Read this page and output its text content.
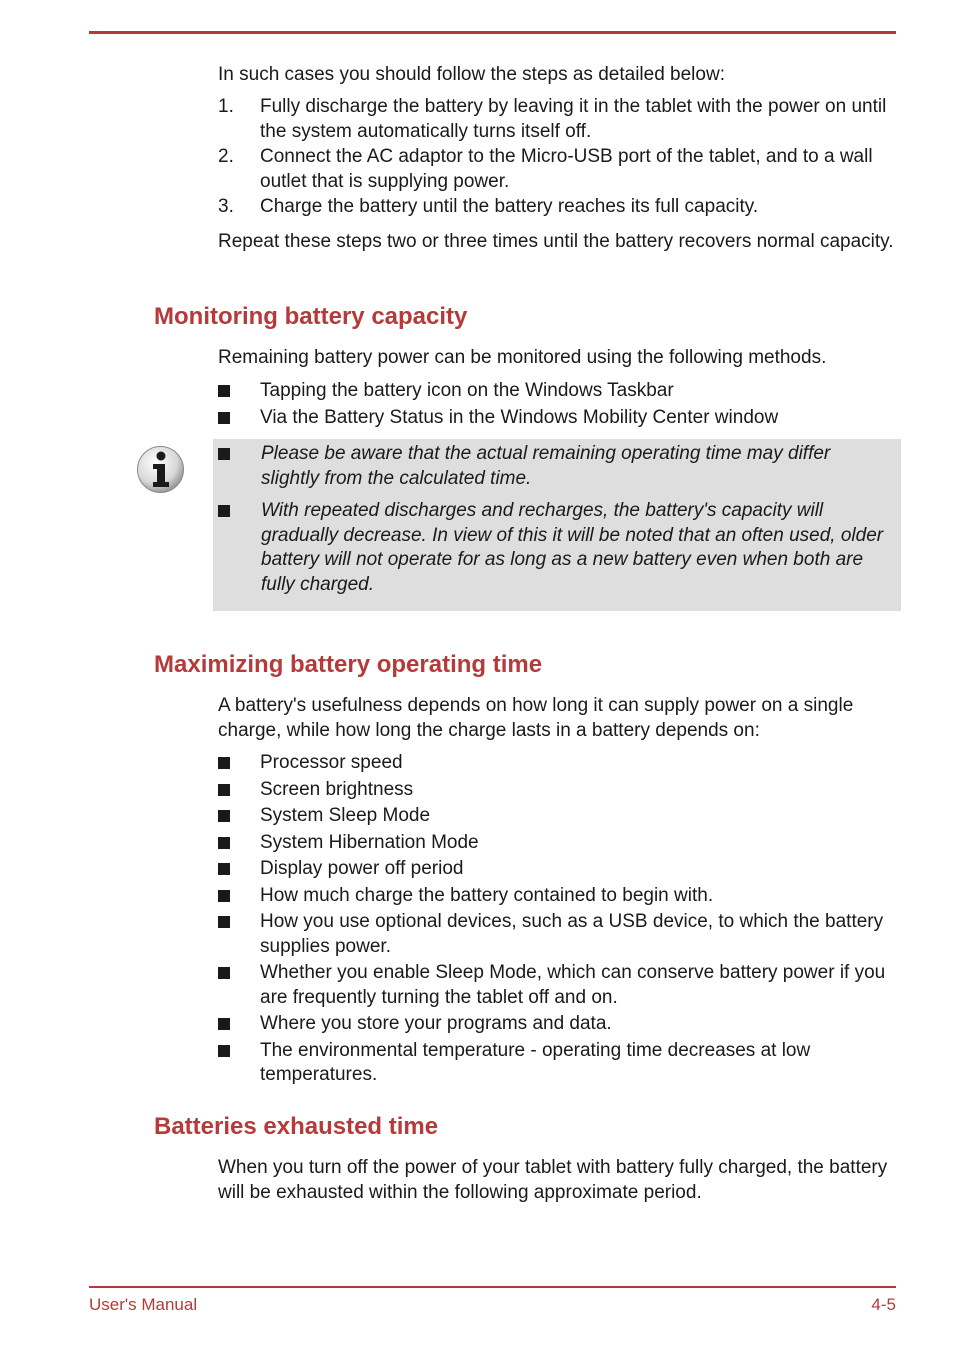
In such cases you should follow the steps as detailed below:

1. Fully discharge the battery by leaving it in the tablet with the power on until the system automatically turns itself off.
2. Connect the AC adaptor to the Micro-USB port of the tablet, and to a wall outlet that is supplying power.
3. Charge the battery until the battery reaches its full capacity.

Repeat these steps two or three times until the battery recovers normal capacity.

Monitoring battery capacity

Remaining battery power can be monitored using the following methods.

Tapping the battery icon on the Windows Taskbar
Via the Battery Status in the Windows Mobility Center window
Please be aware that the actual remaining operating time may differ slightly from the calculated time.
With repeated discharges and recharges, the battery's capacity will gradually decrease. In view of this it will be noted that an often used, older battery will not operate for as long as a new battery even when both are fully charged.
Maximizing battery operating time

A battery's usefulness depends on how long it can supply power on a single charge, while how long the charge lasts in a battery depends on:

Processor speed
Screen brightness
System Sleep Mode
System Hibernation Mode
Display power off period
How much charge the battery contained to begin with.
How you use optional devices, such as a USB device, to which the battery supplies power.
Whether you enable Sleep Mode, which can conserve battery power if you are frequently turning the tablet off and on.
Where you store your programs and data.
The environmental temperature - operating time decreases at low temperatures.
Batteries exhausted time

When you turn off the power of your tablet with battery fully charged, the battery will be exhausted within the following approximate period.

User's Manual	4-5
